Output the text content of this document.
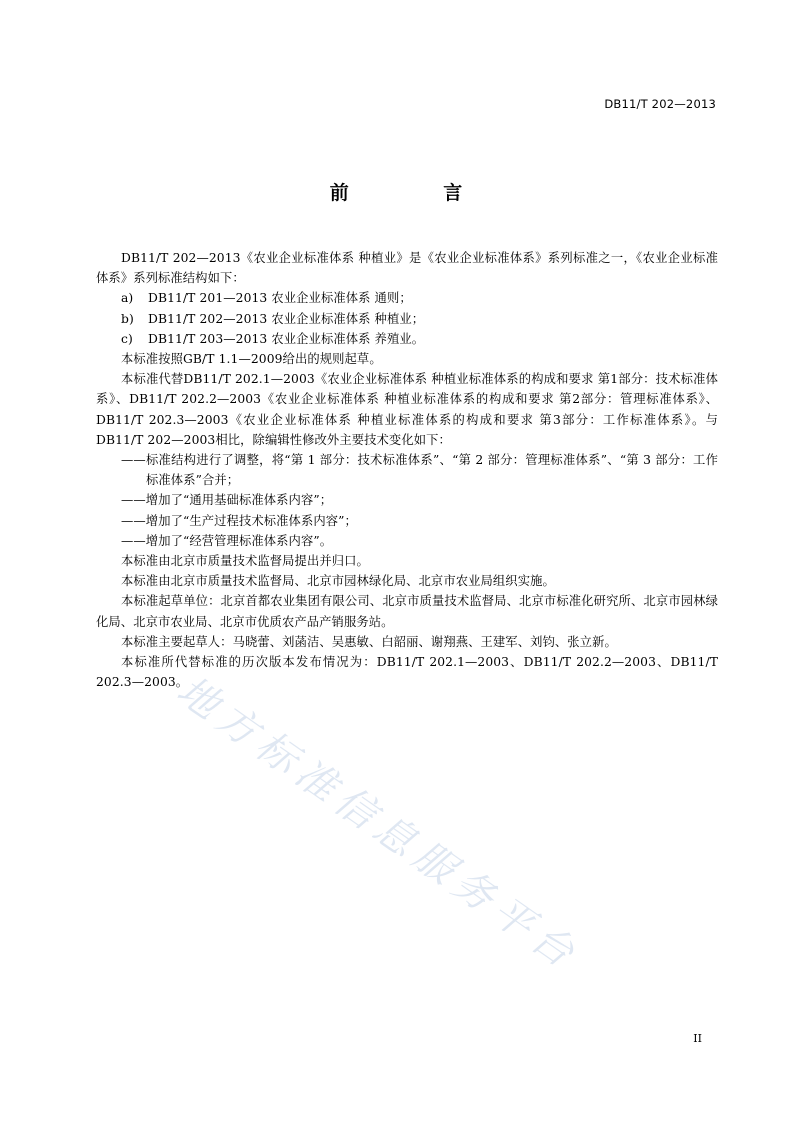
DB11/T 202—2013
前 言

DB11/T 202—2013《农业企业标准体系 种植业》是《农业企业标准体系》系列标准之一，《农业企业标准体系》系列标准结构如下：

a) DB11/T 201—2013 农业企业标准体系 通则；

b) DB11/T 202—2013 农业企业标准体系 种植业；

c) DB11/T 203—2013 农业企业标准体系 养殖业。

本标准按照GB/T 1.1—2009给出的规则起草。

本标准代替DB11/T 202.1—2003《农业企业标准体系 种植业标准体系的构成和要求 第1部分：技术标准体系》、DB11/T 202.2—2003《农业企业标准体系 种植业标准体系的构成和要求 第2部分：管理标准体系》、DB11/T 202.3—2003《农业企业标准体系 种植业标准体系的构成和要求 第3部分：工作标准体系》。与DB11/T 202—2003相比，除编辑性修改外主要技术变化如下：

——标准结构进行了调整，将“第 1 部分：技术标准体系”、“第 2 部分：管理标准体系”、“第 3 部分：工作标准体系”合并；

——增加了“通用基础标准体系内容”；

——增加了“生产过程技术标准体系内容”；

——增加了“经营管理标准体系内容”。

本标准由北京市质量技术监督局提出并归口。

本标准由北京市质量技术监督局、北京市园林绿化局、北京市农业局组织实施。

本标准起草单位：北京首都农业集团有限公司、北京市质量技术监督局、北京市标准化研究所、北京市园林绿化局、北京市农业局、北京市优质农产品产销服务站。

本标准主要起草人：马晓蕾、刘菡洁、吴惠敏、白韶丽、谢翔燕、王建军、刘钧、张立新。

本标准所代替标准的历次版本发布情况为：DB11/T 202.1—2003、DB11/T 202.2—2003、DB11/T 202.3—2003。

地方标准信息服务平台
II
